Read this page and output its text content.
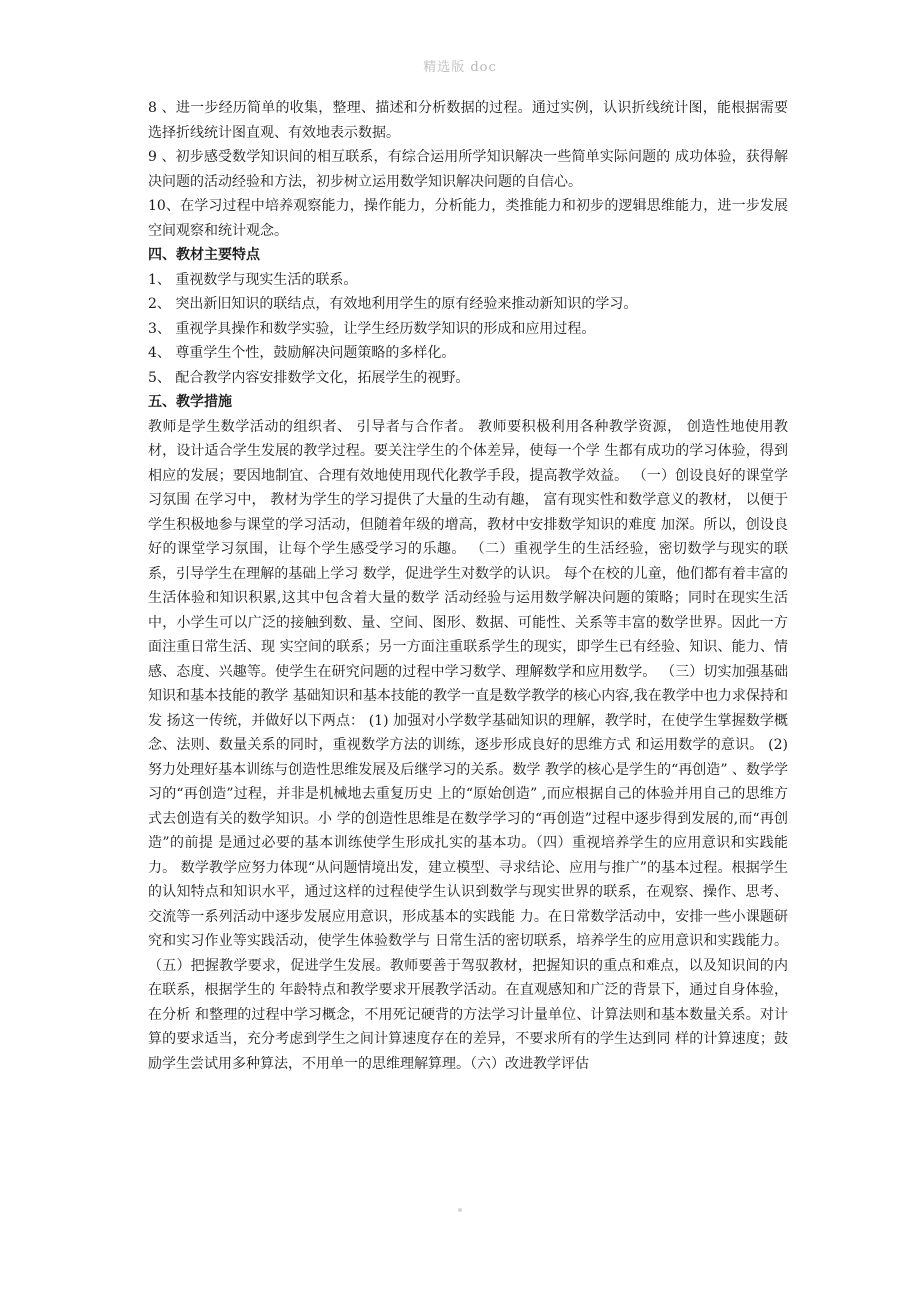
精选版 doc

8 、进一步经历简单的收集，整理、描述和分析数据的过程。通过实例，认识折线统计图，能根据需要选择折线统计图直观、有效地表示数据。

9 、初步感受数学知识间的相互联系，有综合运用所学知识解决一些简单实际问题的 成功体验，获得解决问题的活动经验和方法，初步树立运用数学知识解决问题的自信心。

10、在学习过程中培养观察能力，操作能力，分析能力，类推能力和初步的逻辑思维能力，进一步发展空间观察和统计观念。

四、教材主要特点

1、 重视数学与现实生活的联系。

2、 突出新旧知识的联结点，有效地利用学生的原有经验来推动新知识的学习。

3、 重视学具操作和数学实验，让学生经历数学知识的形成和应用过程。

4、 尊重学生个性，鼓励解决问题策略的多样化。

5、 配合教学内容安排数学文化，拓展学生的视野。

五、教学措施

教师是学生数学活动的组织者、 引导者与合作者。 教师要积极利用各种教学资源， 创造性地使用教材，设计适合学生发展的教学过程。要关注学生的个体差异，使每一个学 生都有成功的学习体验，得到相应的发展；要因地制宜、合理有效地使用现代化教学手段，提高教学效益。 （一）创设良好的课堂学习氛围 在学习中， 教材为学生的学习提供了大量的生动有趣， 富有现实性和数学意义的教材， 以便于学生积极地参与课堂的学习活动，但随着年级的增高，教材中安排数学知识的难度 加深。所以，创设良好的课堂学习氛围，让每个学生感受学习的乐趣。 （二）重视学生的生活经验，密切数学与现实的联系，引导学生在理解的基础上学习 数学，促进学生对数学的认识。 每个在校的儿童，他们都有着丰富的生活体验和知识积累,这其中包含着大量的数学 活动经验与运用数学解决问题的策略；同时在现实生活中，小学生可以广泛的接触到数、量、空间、图形、数据、可能性、关系等丰富的数学世界。因此一方面注重日常生活、现 实空间的联系；另一方面注重联系学生的现实，即学生已有经验、知识、能力、情感、态度、兴趣等。使学生在研究问题的过程中学习数学、理解数学和应用数学。 （三）切实加强基础知识和基本技能的教学 基础知识和基本技能的教学一直是数学教学的核心内容,我在教学中也力求保持和发 扬这一传统，并做好以下两点： (1) 加强对小学数学基础知识的理解，教学时，在使学生掌握数学概念、法则、数量关系的同时，重视数学方法的训练，逐步形成良好的思维方式 和运用数学的意识。 (2) 努力处理好基本训练与创造性思维发展及后继学习的关系。数学 教学的核心是学生的“再创造” 、数学学习的“再创造”过程，并非是机械地去重复历史 上的“原始创造” ,而应根据自己的体验并用自己的思维方式去创造有关的数学知识。小 学的创造性思维是在数学学习的“再创造”过程中逐步得到发展的,而“再创造”的前提 是通过必要的基本训练使学生形成扎实的基本功。（四）重视培养学生的应用意识和实践能力。 数学教学应努力体现“从问题情境出发，建立模型、寻求结论、应用与推广”的基本过程。根据学生的认知特点和知识水平，通过这样的过程使学生认识到数学与现实世界的联系，在观察、操作、思考、交流等一系列活动中逐步发展应用意识，形成基本的实践能 力。在日常数学活动中，安排一些小课题研究和实习作业等实践活动，使学生体验数学与 日常生活的密切联系，培养学生的应用意识和实践能力。（五）把握教学要求，促进学生发展。教师要善于驾驭教材，把握知识的重点和难点，以及知识间的内在联系，根据学生的 年龄特点和教学要求开展教学活动。在直观感知和广泛的背景下，通过自身体验，在分析 和整理的过程中学习概念，不用死记硬背的方法学习计量单位、计算法则和基本数量关系。对计算的要求适当，充分考虑到学生之间计算速度存在的差异，不要求所有的学生达到同 样的计算速度；鼓励学生尝试用多种算法，不用单一的思维理解算理。（六）改进教学评估
